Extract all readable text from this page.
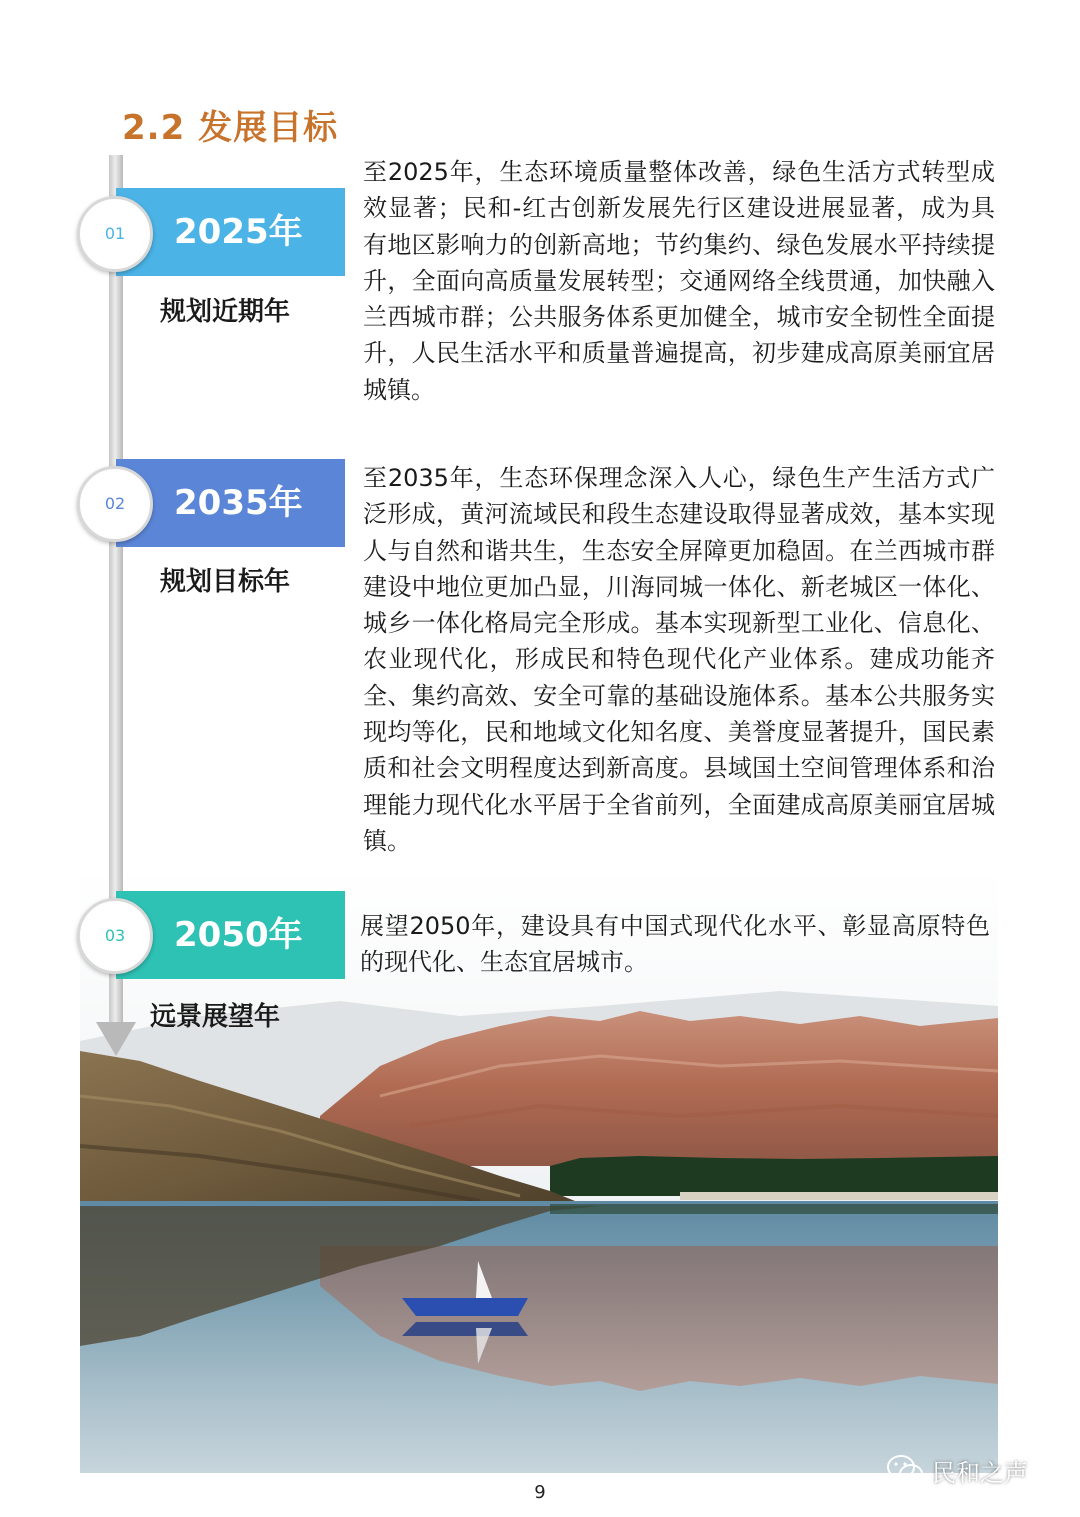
2.2 发展目标
2025年
01
规划近期年
至2025年，生态环境质量整体改善，绿色生活方式转型成效显著；民和-红古创新发展先行区建设进展显著，成为具有地区影响力的创新高地；节约集约、绿色发展水平持续提升，全面向高质量发展转型；交通网络全线贯通，加快融入兰西城市群；公共服务体系更加健全，城市安全韧性全面提升，人民生活水平和质量普遍提高，初步建成高原美丽宜居城镇。
2035年
02
规划目标年
至2035年，生态环保理念深入人心，绿色生产生活方式广泛形成，黄河流域民和段生态建设取得显著成效，基本实现人与自然和谐共生，生态安全屏障更加稳固。在兰西城市群建设中地位更加凸显，川海同城一体化、新老城区一体化、城乡一体化格局完全形成。基本实现新型工业化、信息化、农业现代化，形成民和特色现代化产业体系。建成功能齐全、集约高效、安全可靠的基础设施体系。基本公共服务实现均等化，民和地域文化知名度、美誉度显著提升，国民素质和社会文明程度达到新高度。县域国土空间管理体系和治理能力现代化水平居于全省前列，全面建成高原美丽宜居城镇。
2050年
03
远景展望年
展望2050年，建设具有中国式现代化水平、彰显高原特色的现代化、生态宜居城市。
民和之声
9
